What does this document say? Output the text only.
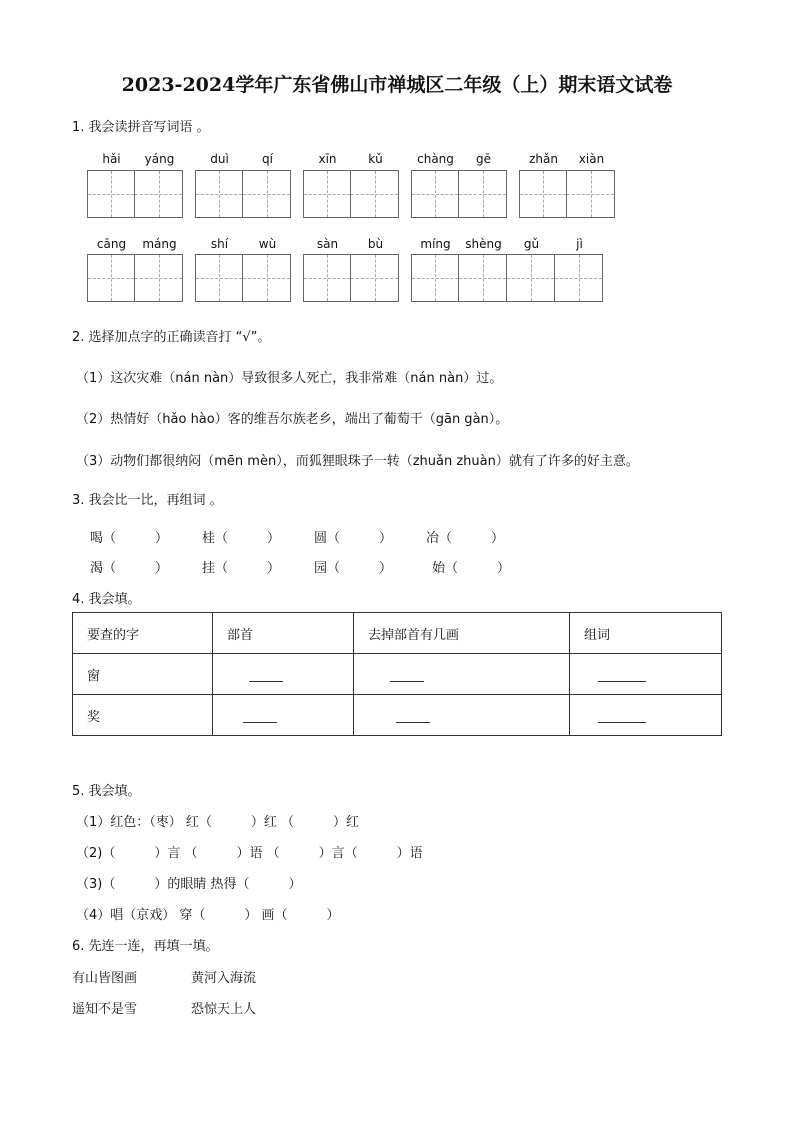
2023-2024学年广东省佛山市禅城区二年级（上）期末语文试卷
1. 我会读拼音写词语 。
hǎi	yáng	duì	qí	xīn	kǔ	chàng	gē	zhǎn	xiàn
cāng	máng	shí	wù	sàn	bù	míng	shèng	gǔ	jì
2. 选择加点字的正确读音打 “√”。
（1）这次灾难（nán nàn）导致很多人死亡，我非常难（nán nàn）过。
（2）热情好（hǎo hào）客的维吾尔族老乡，端出了葡萄干（gān gàn）。
（3）动物们都很纳闷（mēn mèn），而狐狸眼珠子一转（zhuǎn zhuàn）就有了许多的好主意。
3. 我会比一比，再组词 。
喝（　　　）	桂（　　　）	圆（　　　）	冶（　　　）
渴（　　　）	挂（　　　）	园（　　　）	始（　　　）
4. 我会填。
要查的字	部首	去掉部首有几画	组词
窗			
奖			
5. 我会填。
（1）红色：（枣） 红（　　　）红 （　　　）红
（2)（　　　）言 （　　　）语 （　　　）言（　　　）语
（3)（　　　）的眼睛 热得（　　　）
（4）唱（京戏） 穿（　　　） 画（　　　）
6. 先连一连，再填一填。
有山皆图画	黄河入海流
遥知不是雪	恐惊天上人
